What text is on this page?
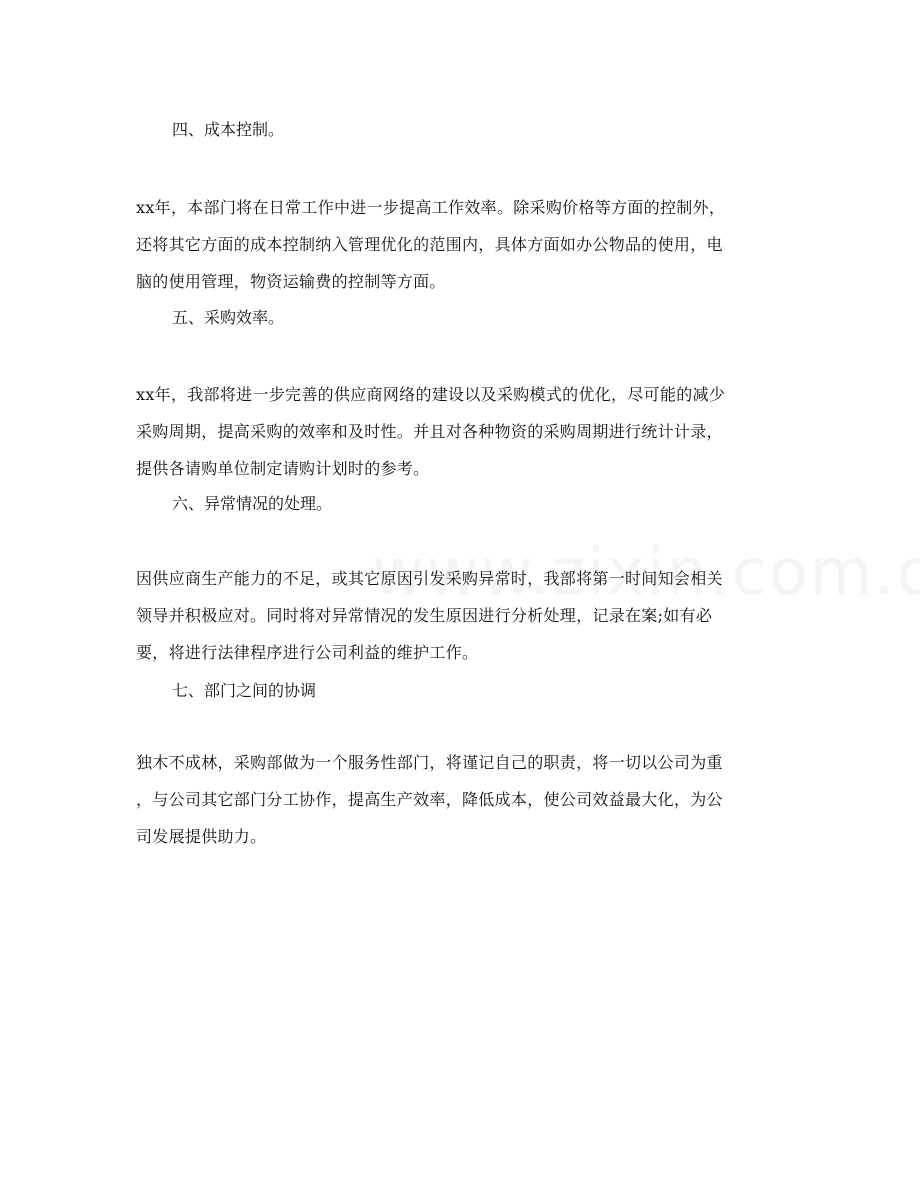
四、成本控制。
xx年，本部门将在日常工作中进一步提高工作效率。除采购价格等方面的控制外，
还将其它方面的成本控制纳入管理优化的范围内，具体方面如办公物品的使用，电
脑的使用管理，物资运输费的控制等方面。
五、采购效率。
xx年，我部将进一步完善的供应商网络的建设以及采购模式的优化，尽可能的减少
采购周期，提高采购的效率和及时性。并且对各种物资的采购周期进行统计计录，
提供各请购单位制定请购计划时的参考。
六、异常情况的处理。
因供应商生产能力的不足，或其它原因引发采购异常时，我部将第一时间知会相关
领导并积极应对。同时将对异常情况的发生原因进行分析处理，记录在案;如有必
要，将进行法律程序进行公司利益的维护工作。
七、部门之间的协调
独木不成林，采购部做为一个服务性部门，将谨记自己的职责，将一切以公司为重
，与公司其它部门分工协作，提高生产效率，降低成本，使公司效益最大化，为公
司发展提供助力。
